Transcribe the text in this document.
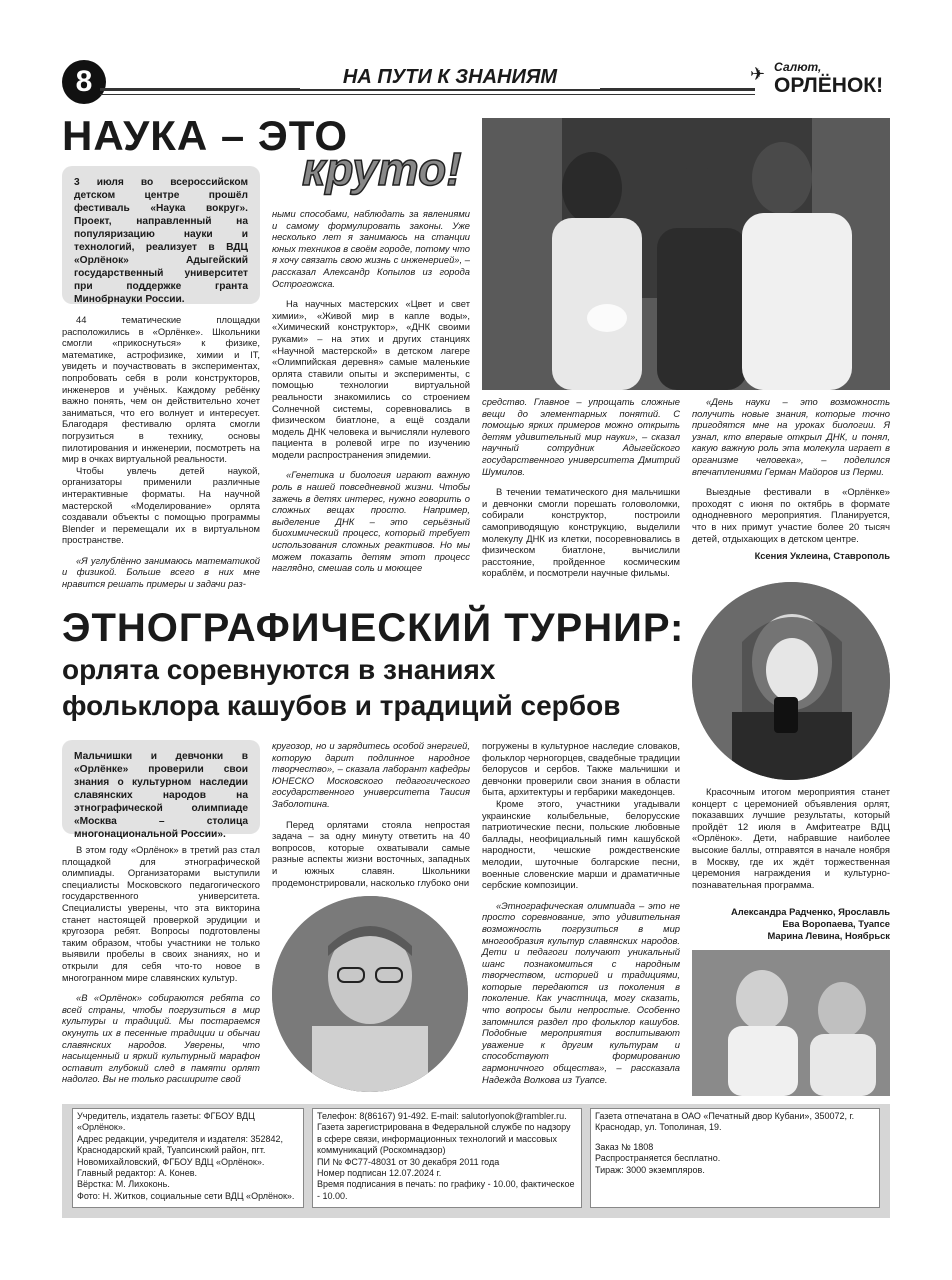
8	НА ПУТИ К ЗНАНИЯМ	✈ Салют,
ОРЛЁНОК!
НАУКА – ЭТО
круто!
3 июля во всероссийском детском центре прошёл фестиваль «Наука вокруг». Проект, направленный на популяризацию науки и технологий, реализует в ВДЦ «Орлёнок» Адыгейский государственный университет при поддержке гранта Минобрнауки России.

44 тематические площадки расположились в «Орлёнке». Школьники смогли «прикоснуться» к физике, математике, астрофизике, химии и IT, увидеть и поучаствовать в экспериментах, попробовать себя в роли конструкторов, инженеров и учёных. Каждому ребёнку важно понять, чем он действительно хочет заниматься, что его волнует и интересует. Благодаря фестивалю орлята смогли погрузиться в технику, основы пилотирования и инженерии, посмотреть на мир в очках виртуальной реальности.

Чтобы увлечь детей наукой, организаторы применили различные интерактивные форматы. На научной мастерской «Моделирование» орлята создавали объекты с помощью программы Blender и перемещали их в виртуальном пространстве.

«Я углублённо занимаюсь математикой и физикой. Больше всего в них мне нравится решать примеры и задачи раз-

ными способами, наблюдать за явлениями и самому формулировать законы. Уже несколько лет я занимаюсь на станции юных техников в своём городе, потому что я хочу связать свою жизнь с инженерией», – рассказал Александр Копылов из города Острогожска.

На научных мастерских «Цвет и свет химии», «Живой мир в капле воды», «Химический конструктор», «ДНК своими руками» – на этих и других станциях «Научной мастерской» в детском лагере «Олимпийская деревня» самые маленькие орлята ставили опыты и эксперименты, с помощью технологии виртуальной реальности знакомились со строением Солнечной системы, соревновались в физическом биатлоне, а ещё создали модель ДНК человека и вычисляли нулевого пациента в ролевой игре по изучению модели распространения эпидемии.

«Генетика и биология играют важную роль в нашей повседневной жизни. Чтобы зажечь в детях интерес, нужно говорить о сложных вещах просто. Например, выделение ДНК – это серьёзный биохимический процесс, который требует использования сложных реактивов. Но мы можем показать детям этот процесс наглядно, смешав соль и моющее

средство. Главное – упрощать сложные вещи до элементарных понятий. С помощью ярких примеров можно открыть детям удивительный мир науки», – сказал научный сотрудник Адыгейского государственного университета Дмитрий Шумилов.

В течении тематического дня мальчишки и девчонки смогли порешать головоломки, собирали конструктор, построили самоприводящую конструкцию, выделили молекулу ДНК из клетки, посоревновались в физическом биатлоне, вычислили расстояние, пройденное космическим кораблём, и посмотрели научные фильмы.

«День науки – это возможность получить новые знания, которые точно пригодятся мне на уроках биологии. Я узнал, кто впервые открыл ДНК, и понял, какую важную роль эта молекула играет в организме человека», – поделился впечатлениями Герман Майоров из Перми.

Выездные фестивали в «Орлёнке» проходят с июня по октябрь в формате однодневного мероприятия. Планируется, что в них примут участие более 20 тысяч детей, отдыхающих в детском центре.

Ксения Уклеина, Ставрополь

ЭТНОГРАФИЧЕСКИЙ ТУРНИР:
орлята соревнуются в знаниях
фольклора кашубов и традиций сербов
Мальчишки и девчонки в «Орлёнке» проверили свои знания о культурном наследии славянских народов на этнографической олимпиаде «Москва – столица многонациональной России».

В этом году «Орлёнок» в третий раз стал площадкой для этнографической олимпиады. Организаторами выступили специалисты Московского педагогического государственного университета. Специалисты уверены, что эта викторина станет настоящей проверкой эрудиции и кругозора ребят. Вопросы подготовлены таким образом, чтобы участники не только выявили пробелы в своих знаниях, но и открыли для себя что-то новое в многогранном мире славянских культур.

«В «Орлёнок» собираются ребята со всей страны, чтобы погрузиться в мир культуры и традиций. Мы постараемся окунуть их в песенные традиции и обычаи славянских народов. Уверены, что насыщенный и яркий культурный марафон оставит глубокий след в памяти орлят надолго. Вы не только расширите свой

кругозор, но и зарядитесь особой энергией, которую дарит подлинное народное творчество», – сказала лаборант кафедры ЮНЕСКО Московского педагогического государственного университета Таисия Заболотина.

Перед орлятами стояла непростая задача – за одну минуту ответить на 40 вопросов, которые охватывали самые разные аспекты жизни восточных, западных и южных славян. Школьники продемонстрировали, насколько глубоко они

погружены в культурное наследие словаков, фольклор черногорцев, свадебные традиции белорусов и сербов. Также мальчишки и девчонки проверили свои знания в области быта, архитектуры и гербарики македонцев.

Кроме этого, участники угадывали украинские колыбельные, белорусские патриотические песни, польские любовные баллады, неофициальный гимн кашубской народности, чешские рождественские мелодии, шуточные болгарские песни, военные словенские марши и драматичные сербские композиции.

«Этнографическая олимпиада – это не просто соревнование, это удивительная возможность погрузиться в мир многообразия культур славянских народов. Дети и педагоги получают уникальный шанс познакомиться с народным творчеством, историей и традициями, которые передаются из поколения в поколение. Как участница, могу сказать, что вопросы были непростые. Особенно запомнился раздел про фольклор кашубов. Подобные мероприятия воспитывают уважение к другим культурам и способствуют формированию гармоничного общества», – рассказала Надежда Волкова из Туапсе.

Красочным итогом мероприятия станет концерт с церемонией объявления орлят, показавших лучшие результаты, который пройдёт 12 июля в Амфитеатре ВДЦ «Орлёнок». Дети, набравшие наиболее высокие баллы, отправятся в начале ноября в Москву, где их ждёт торжественная церемония награждения и культурно-познавательная программа.

Александра Радченко, Ярославль
Ева Воропаева, Туапсе
Марина Левина, Ноябрьск
Учредитель, издатель газеты: ФГБОУ ВДЦ «Орлёнок».
Адрес редакции, учредителя и издателя: 352842, Краснодарский край, Туапсинский район, пгт. Новомихайловский, ФГБОУ ВДЦ «Орлёнок».
Главный редактор: А. Конев.
Вёрстка: М. Лихоконь.
Фото: Н. Житков, социальные сети ВДЦ «Орлёнок».
Телефон: 8(86167) 91-492. E-mail: salutorlyonok@rambler.ru.
Газета зарегистрирована в Федеральной службе по надзору в сфере связи, информационных технологий и массовых коммуникаций (Роскомнадзор)
ПИ № ФС77-48031 от 30 декабря 2011 года
Номер подписан 12.07.2024 г.
Время подписания в печать: по графику - 10.00, фактическое - 10.00.
Газета отпечатана в ОАО «Печатный двор Кубани», 350072, г. Краснодар, ул. Тополиная, 19.
Заказ № 1808
Распространяется бесплатно.
Тираж: 3000 экземпляров.
